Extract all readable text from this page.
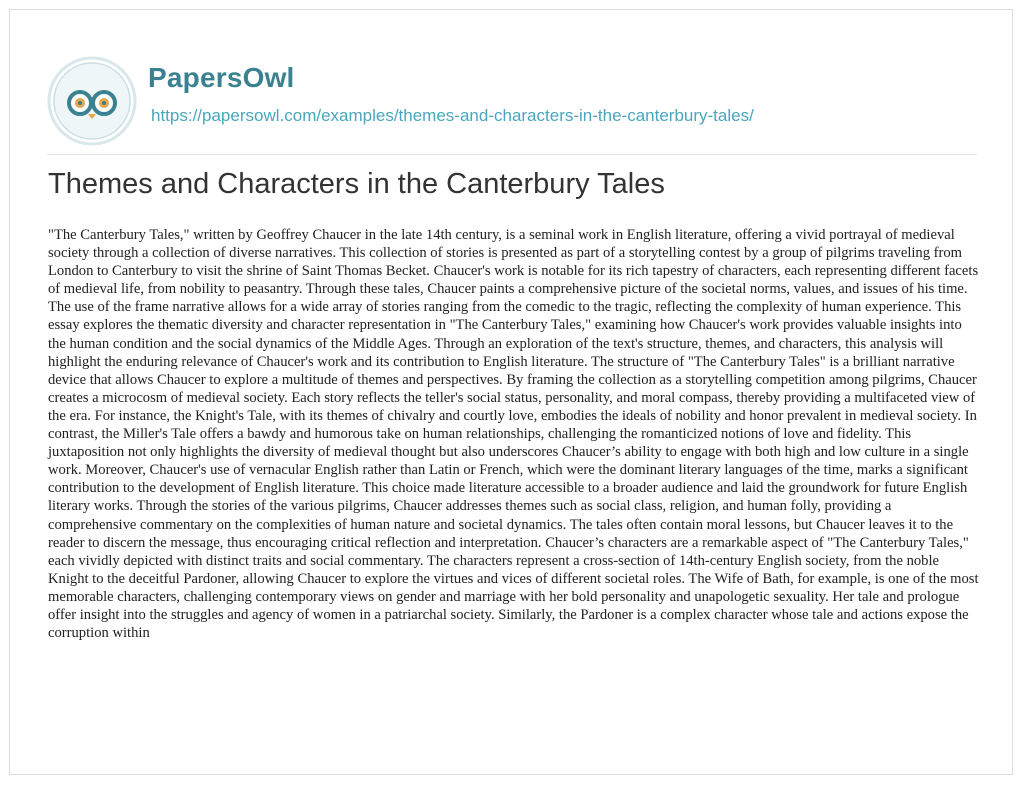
PapersOwl
https://papersowl.com/examples/themes-and-characters-in-the-canterbury-tales/
Themes and Characters in the Canterbury Tales

"The Canterbury Tales," written by Geoffrey Chaucer in the late 14th century, is a seminal work in English literature, offering a vivid portrayal of medieval society through a collection of diverse narratives. This collection of stories is presented as part of a storytelling contest by a group of pilgrims traveling from London to Canterbury to visit the shrine of Saint Thomas Becket. Chaucer's work is notable for its rich tapestry of characters, each representing different facets of medieval life, from nobility to peasantry. Through these tales, Chaucer paints a comprehensive picture of the societal norms, values, and issues of his time. The use of the frame narrative allows for a wide array of stories ranging from the comedic to the tragic, reflecting the complexity of human experience. This essay explores the thematic diversity and character representation in "The Canterbury Tales," examining how Chaucer's work provides valuable insights into the human condition and the social dynamics of the Middle Ages. Through an exploration of the text's structure, themes, and characters, this analysis will highlight the enduring relevance of Chaucer's work and its contribution to English literature. The structure of "The Canterbury Tales" is a brilliant narrative device that allows Chaucer to explore a multitude of themes and perspectives. By framing the collection as a storytelling competition among pilgrims, Chaucer creates a microcosm of medieval society. Each story reflects the teller's social status, personality, and moral compass, thereby providing a multifaceted view of the era. For instance, the Knight's Tale, with its themes of chivalry and courtly love, embodies the ideals of nobility and honor prevalent in medieval society. In contrast, the Miller's Tale offers a bawdy and humorous take on human relationships, challenging the romanticized notions of love and fidelity. This juxtaposition not only highlights the diversity of medieval thought but also underscores Chaucer’s ability to engage with both high and low culture in a single work. Moreover, Chaucer's use of vernacular English rather than Latin or French, which were the dominant literary languages of the time, marks a significant contribution to the development of English literature. This choice made literature accessible to a broader audience and laid the groundwork for future English literary works. Through the stories of the various pilgrims, Chaucer addresses themes such as social class, religion, and human folly, providing a comprehensive commentary on the complexities of human nature and societal dynamics. The tales often contain moral lessons, but Chaucer leaves it to the reader to discern the message, thus encouraging critical reflection and interpretation. Chaucer’s characters are a remarkable aspect of "The Canterbury Tales," each vividly depicted with distinct traits and social commentary. The characters represent a cross-section of 14th-century English society, from the noble Knight to the deceitful Pardoner, allowing Chaucer to explore the virtues and vices of different societal roles. The Wife of Bath, for example, is one of the most memorable characters, challenging contemporary views on gender and marriage with her bold personality and unapologetic sexuality. Her tale and prologue offer insight into the struggles and agency of women in a patriarchal society. Similarly, the Pardoner is a complex character whose tale and actions expose the corruption within
